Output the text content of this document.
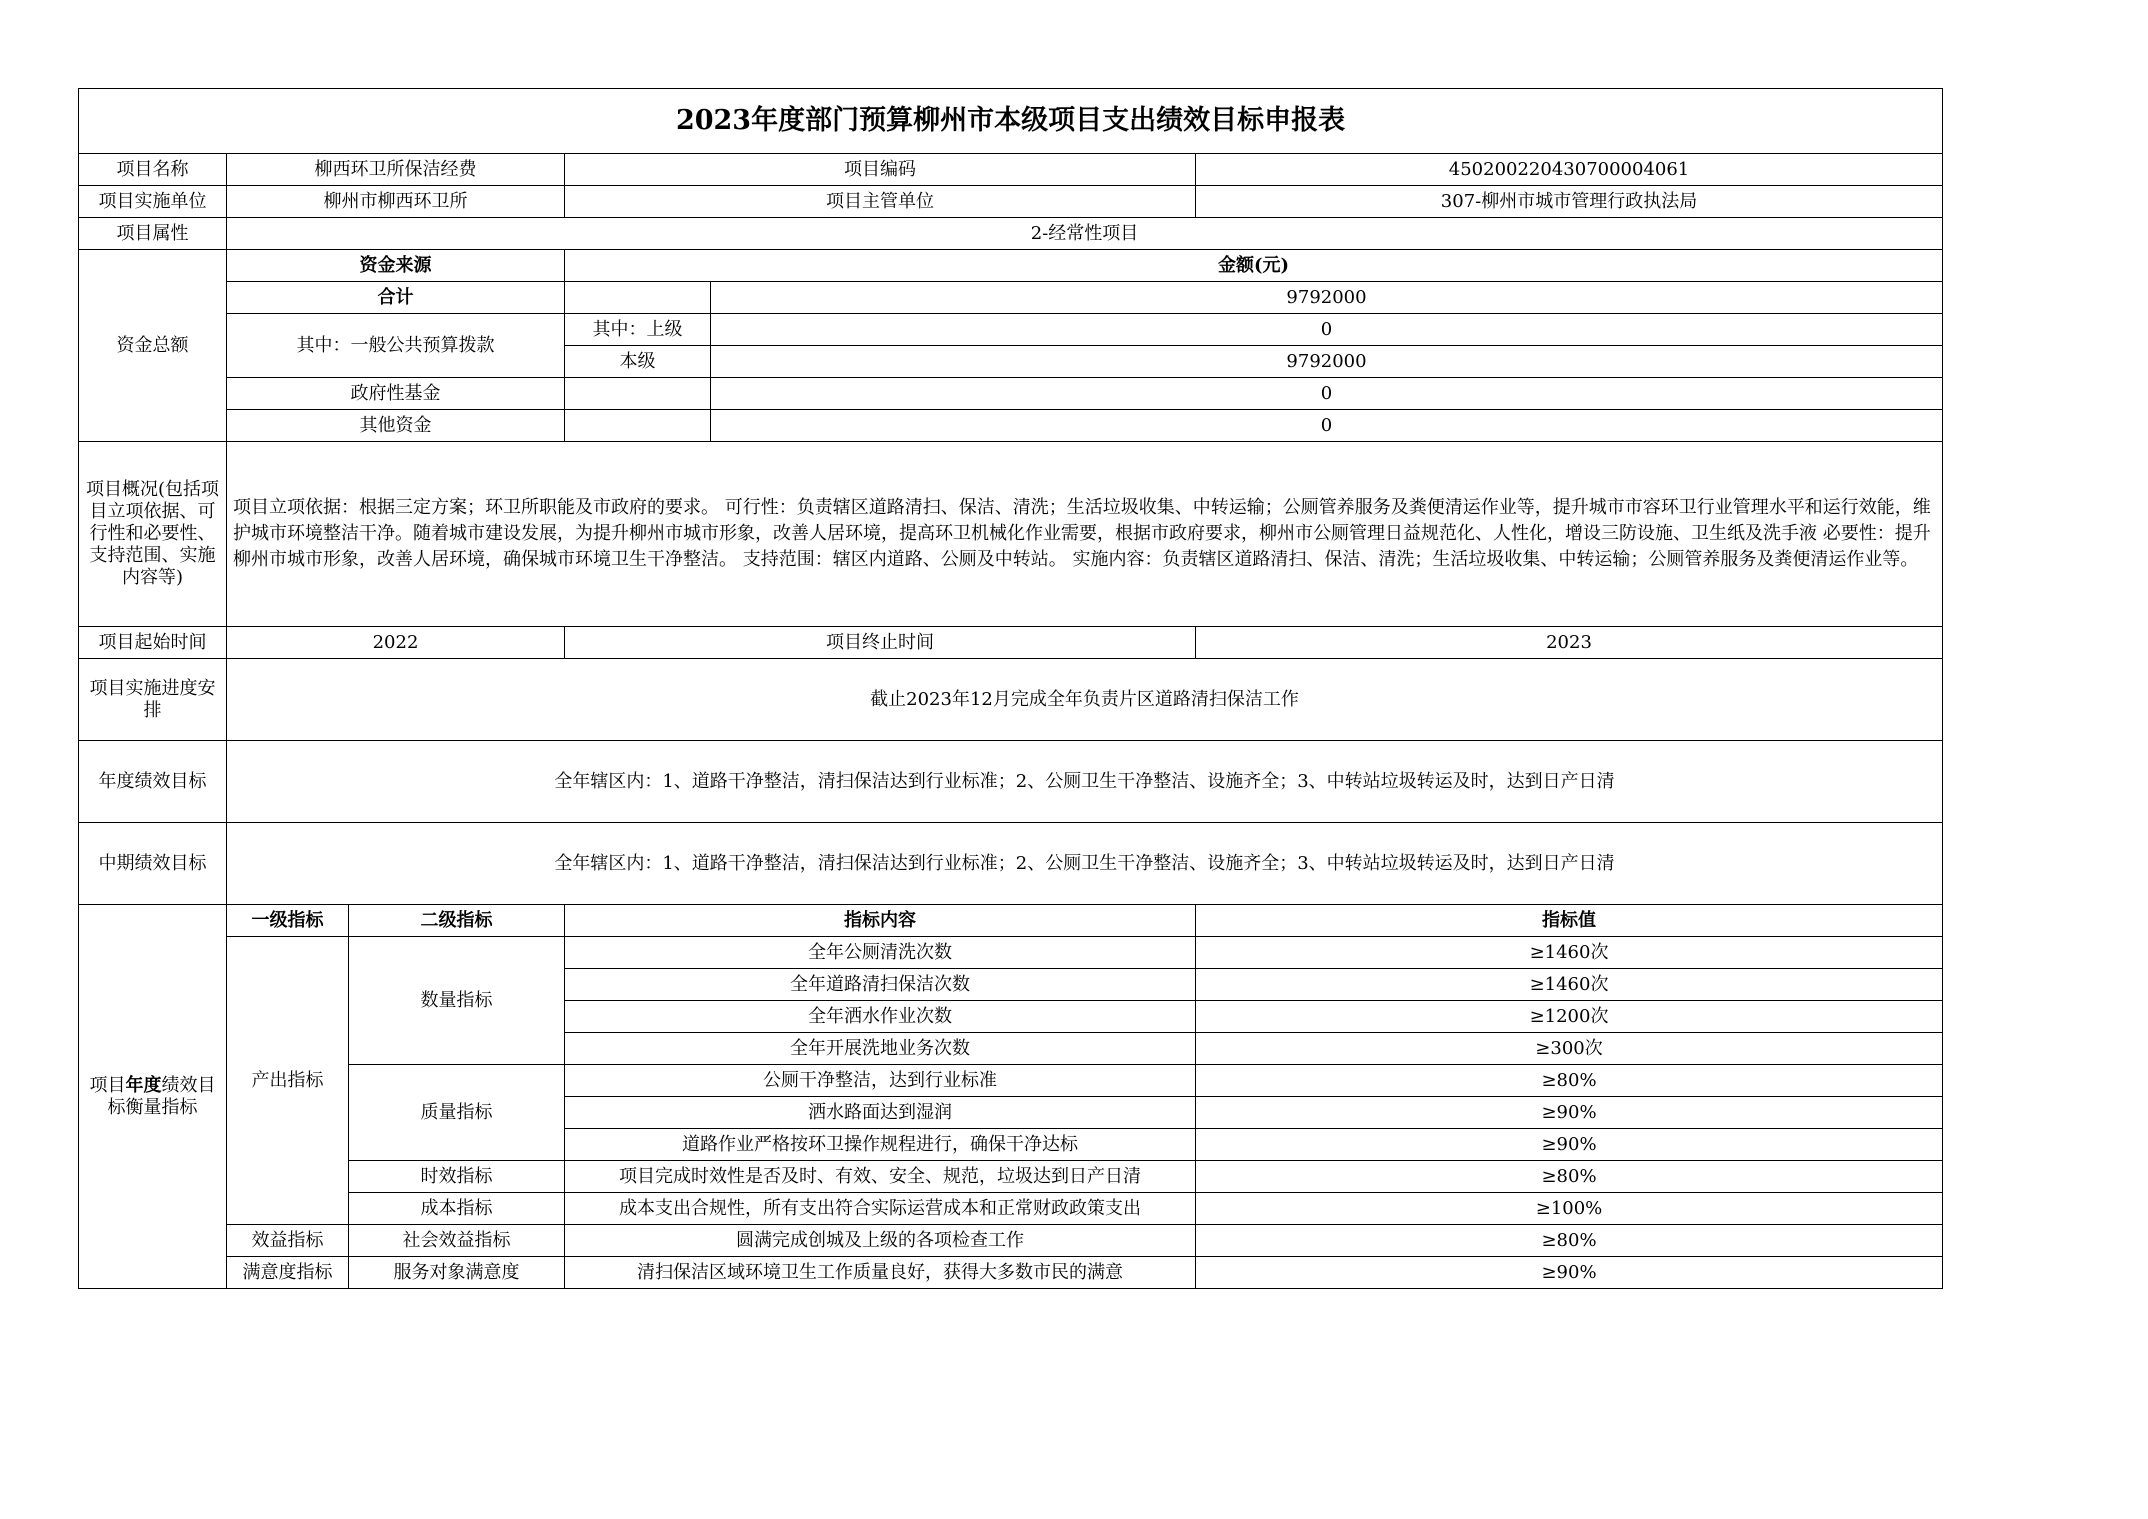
2023年度部门预算柳州市本级项目支出绩效目标申报表					
项目名称	柳西环卫所保洁经费		项目编码		450200220430700004061
项目实施单位	柳州市柳西环卫所		项目主管单位		307-柳州市城市管理行政执法局
项目属性	2-经常性项目				
资金总额	资金来源		金额(元)		
	合计			9792000	
	其中：一般公共预算拨款		其中：上级	0	
			本级	9792000	
	政府性基金			0	
	其他资金			0	
项目概况(包括项目立项依据、可行性和必要性、支持范围、实施内容等)	项目立项依据：根据三定方案；环卫所职能及市政府的要求。 可行性：负责辖区道路清扫、保洁、清洗；生活垃圾收集、中转运输；公厕管养服务及粪便清运作业等，提升城市市容环卫行业管理水平和运行效能，维护城市环境整洁干净。随着城市建设发展，为提升柳州市城市形象，改善人居环境，提高环卫机械化作业需要，根据市政府要求，柳州市公厕管理日益规范化、人性化，增设三防设施、卫生纸及洗手液 必要性：提升柳州市城市形象，改善人居环境，确保城市环境卫生干净整洁。 支持范围：辖区内道路、公厕及中转站。 实施内容：负责辖区道路清扫、保洁、清洗；生活垃圾收集、中转运输；公厕管养服务及粪便清运作业等。				
项目起始时间	2022		项目终止时间		2023
项目实施进度安排	截止2023年12月完成全年负责片区道路清扫保洁工作				
年度绩效目标	全年辖区内：1、道路干净整洁，清扫保洁达到行业标准；2、公厕卫生干净整洁、设施齐全；3、中转站垃圾转运及时，达到日产日清				
中期绩效目标	全年辖区内：1、道路干净整洁，清扫保洁达到行业标准；2、公厕卫生干净整洁、设施齐全；3、中转站垃圾转运及时，达到日产日清				
项目年度绩效目标衡量指标	一级指标	二级指标	指标内容		指标值
	产出指标	数量指标	全年公厕清洗次数		≥1460次
			全年道路清扫保洁次数		≥1460次
			全年洒水作业次数		≥1200次
			全年开展洗地业务次数		≥300次
		质量指标	公厕干净整洁，达到行业标准		≥80%
			洒水路面达到湿润		≥90%
			道路作业严格按环卫操作规程进行，确保干净达标		≥90%
		时效指标	项目完成时效性是否及时、有效、安全、规范，垃圾达到日产日清		≥80%
		成本指标	成本支出合规性，所有支出符合实际运营成本和正常财政政策支出		≥100%
	效益指标	社会效益指标	圆满完成创城及上级的各项检查工作		≥80%
	满意度指标	服务对象满意度	清扫保洁区域环境卫生工作质量良好，获得大多数市民的满意		≥90%
